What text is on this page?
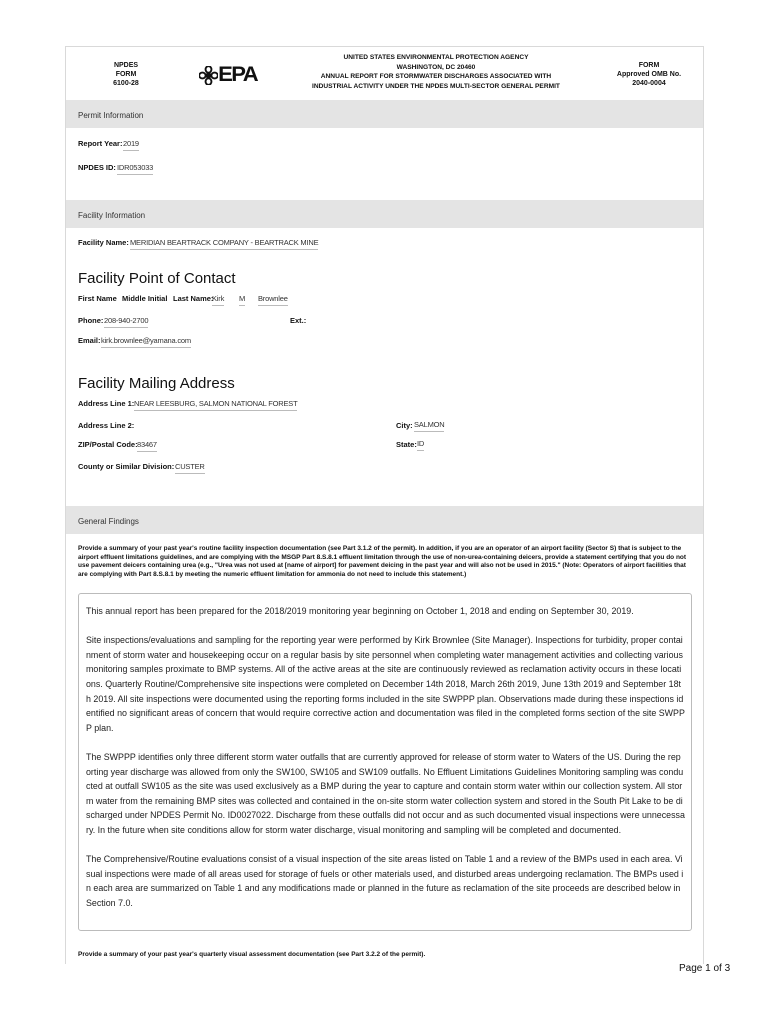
NPDES
FORM
6100-28	EPA
UNITED STATES ENVIRONMENTAL PROTECTION AGENCY
WASHINGTON, DC 20460
ANNUAL REPORT FOR STORMWATER DISCHARGES ASSOCIATED WITH
INDUSTRIAL ACTIVITY UNDER THE NPDES MULTI-SECTOR GENERAL PERMIT
FORM
Approved OMB No.
2040-0004
Permit Information
Report Year: 2019
NPDES ID: IDR053033
Facility Information
Facility Name: MERIDIAN BEARTRACK COMPANY - BEARTRACK MINE
Facility Point of Contact
First Name Middle Initial Last Name:
Kirk M Brownlee
Phone: 208-940-2700	Ext.:
Email: kirk.brownlee@yamana.com
Facility Mailing Address
Address Line 1: NEAR LEESBURG, SALMON NATIONAL FOREST
Address Line 2:	City: SALMON
ZIP/Postal Code: 83467	State: ID
County or Similar Division: CUSTER
General Findings
Provide a summary of your past year's routine facility inspection documentation (see Part 3.1.2 of the permit). In addition, if you are an operator of an airport facility (Sector S) that is subject to the airport effluent limitations guidelines, and are complying with the MSGP Part 8.S.8.1 effluent limitation through the use of non-urea-containing deicers, provide a statement certifying that you do not use pavement deicers containing urea (e.g., "Urea was not used at [name of airport] for pavement deicing in the past year and will also not be used in 2015." (Note: Operators of airport facilities that are complying with Part 8.S.8.1 by meeting the numeric effluent limitation for ammonia do not need to include this statement.)

This annual report has been prepared for the 2018/2019 monitoring year beginning on October 1, 2018 and ending on September 30, 2019.

Site inspections/evaluations and sampling for the reporting year were performed by Kirk Brownlee (Site Manager). Inspections for turbidity, proper containment of storm water and housekeeping occur on a regular basis by site personnel when completing water management activities and collecting various monitoring samples proximate to BMP systems. All of the active areas at the site are continuously reviewed as reclamation activity occurs in these locations. Quarterly Routine/Comprehensive site inspections were completed on December 14th 2018, March 26th 2019, June 13th 2019 and September 18th 2019. All site inspections were documented using the reporting forms included in the site SWPPP plan. Observations made during these inspections identified no significant areas of concern that would require corrective action and documentation was filed in the completed forms section of the site SWPPP plan.

The SWPPP identifies only three different storm water outfalls that are currently approved for release of storm water to Waters of the US. During the reporting year discharge was allowed from only the SW100, SW105 and SW109 outfalls. No Effluent Limitations Guidelines Monitoring sampling was conducted at outfall SW105 as the site was used exclusively as a BMP during the year to capture and contain storm water within our collection system. All storm water from the remaining BMP sites was collected and contained in the on-site storm water collection system and stored in the South Pit Lake to be discharged under NPDES Permit No. ID0027022. Discharge from these outfalls did not occur and as such documented visual inspections were unnecessary. In the future when site conditions allow for storm water discharge, visual monitoring and sampling will be completed and documented.

The Comprehensive/Routine evaluations consist of a visual inspection of the site areas listed on Table 1 and a review of the BMPs used in each area. Visual inspections were made of all areas used for storage of fuels or other materials used, and disturbed areas undergoing reclamation. The BMPs used in each area are summarized on Table 1 and any modifications made or planned in the future as reclamation of the site proceeds are described below in Section 7.0.

Provide a summary of your past year's quarterly visual assessment documentation (see Part 3.2.2 of the permit).
Page 1 of 3
